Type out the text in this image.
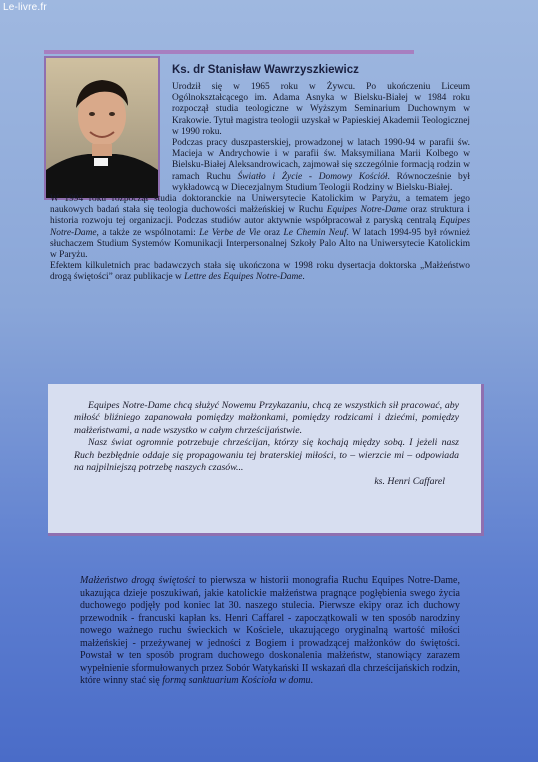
Le-livre.fr
Ks. dr Stanisław Wawrzyszkiewicz

Urodził się w 1965 roku w Żywcu. Po ukończeniu Liceum Ogólnokształcącego im. Adama Asnyka w Bielsku-Białej w 1984 roku rozpoczął studia teologiczne w Wyższym Seminarium Duchownym w Krakowie. Tytuł magistra teologii uzyskał w Papieskiej Akademii Teologicznej w 1990 roku.

Podczas pracy duszpasterskiej, prowadzonej w latach 1990-94 w parafii św. Macieja w Andrychowie i w parafii św. Maksymiliana Marii Kolbego w Bielsku-Białej Aleksandrowicach, zajmował się szczególnie formacją rodzin w ramach Ruchu Światło i Życie - Domowy Kościół. Równocześnie był wykładowcą w Diecezjalnym Studium Teologii Rodziny w Bielsku-Białej.

W 1994 roku rozpoczął studia doktoranckie na Uniwersytecie Katolickim w Paryżu, a tematem jego naukowych badań stała się teologia duchowości małżeńskiej w Ruchu Equipes Notre-Dame oraz struktura i historia rozwoju tej organizacji. Podczas studiów autor aktywnie współpracował z paryską centralą Equipes Notre-Dame, a także ze wspólnotami: Le Verbe de Vie oraz Le Chemin Neuf. W latach 1994-95 był również słuchaczem Studium Systemów Komunikacji Interpersonalnej Szkoły Palo Alto na Uniwersytecie Katolickim w Paryżu.

Efektem kilkuletnich prac badawczych stała się ukończona w 1998 roku dysertacja doktorska „Małżeństwo drogą świętości” oraz publikacje w Lettre des Equipes Notre-Dame.

Equipes Notre-Dame chcą służyć Nowemu Przykazaniu, chcą ze wszystkich sił pracować, aby miłość bliźniego zapanowała pomiędzy małżonkami, pomiędzy rodzicami i dziećmi, pomiędzy małżeństwami, a nade wszystko w całym chrześcijaństwie.

Nasz świat ogromnie potrzebuje chrześcijan, którzy się kochają między sobą. I jeżeli nasz Ruch bezbłędnie oddaje się propagowaniu tej braterskiej miłości, to – wierzcie mi – odpowiada na najpilniejszą potrzebę naszych czasów...

ks. Henri Caffarel

Małżeństwo drogą świętości to pierwsza w historii monografia Ruchu Equipes Notre-Dame, ukazująca dzieje poszukiwań, jakie katolickie małżeństwa pragnące pogłębienia swego życia duchowego podjęły pod koniec lat 30. naszego stulecia. Pierwsze ekipy oraz ich duchowy przewodnik - francuski kapłan ks. Henri Caffarel - zapoczątkowali w ten sposób narodziny nowego ważnego ruchu świeckich w Kościele, ukazującego oryginalną wartość miłości małżeńskiej - przeżywanej w jedności z Bogiem i prowadzącej małżonków do świętości. Powstał w ten sposób program duchowego doskonalenia małżeństw, stanowiący zarazem wypełnienie sformułowanych przez Sobór Watykański II wskazań dla chrześcijańskich rodzin, które winny stać się formą sanktuarium Kościoła w domu.
